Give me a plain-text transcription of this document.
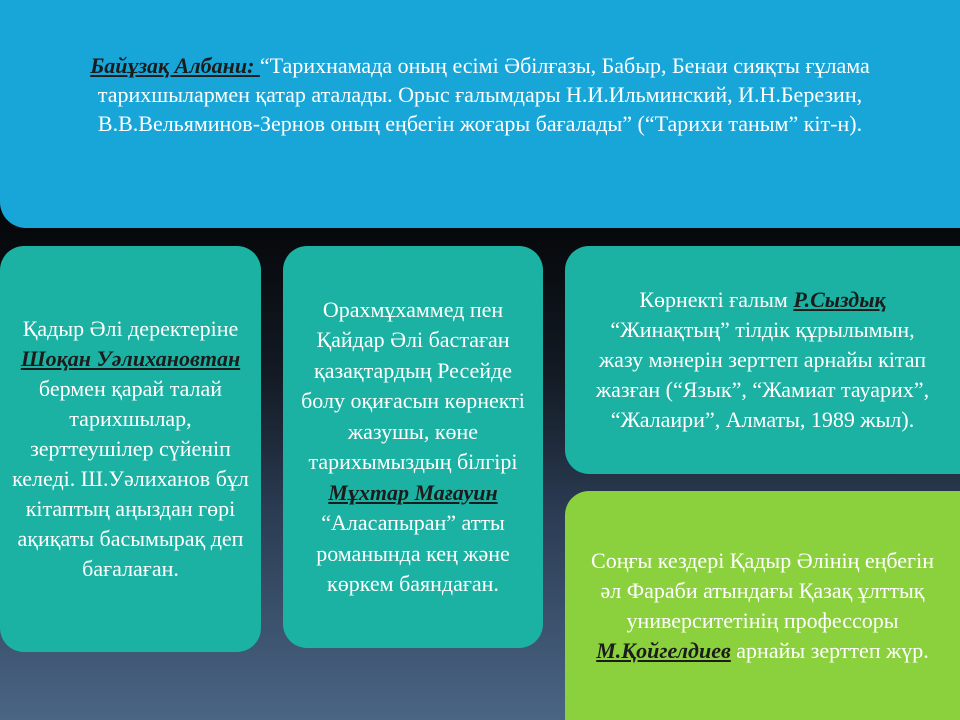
Байұзақ Албани: “Тарихнамада оның есімі Әбілғазы, Бабыр, Бенаи сияқты ғұлама тарихшылармен қатар аталады. Орыс ғалымдары Н.И.Ильминский, И.Н.Березин, В.В.Вельяминов-Зернов оның еңбегін жоғары бағалады” (“Тарихи таным” кіт-н).

Қадыр Әлі деректеріне Шоқан Уәлихановтан бермен қарай талай тарихшылар, зерттеушілер сүйеніп келеді. Ш.Уәлиханов бұл кітаптың аңыздан гөрі ақиқаты басымырақ деп бағалаған.

Орахмұхаммед пен Қайдар Әлі бастаған қазақтардың Ресейде болу оқиғасын көрнекті жазушы, көне тарихымыздың білгірі Мұхтар Мағауин “Аласапыран” атты романында кең және көркем баяндаған.

Көрнекті ғалым Р.Сыздық “Жинақтың” тілдік құрылымын, жазу мәнерін зерттеп арнайы кітап жазған (“Язык”, “Жамиат тауарих”, “Жалаири”, Алматы, 1989 жыл).

Соңғы кездері Қадыр Әлінің еңбегін әл Фараби атындағы Қазақ ұлттық университетінің профессоры М.Қойгелдиев арнайы зерттеп жүр.
